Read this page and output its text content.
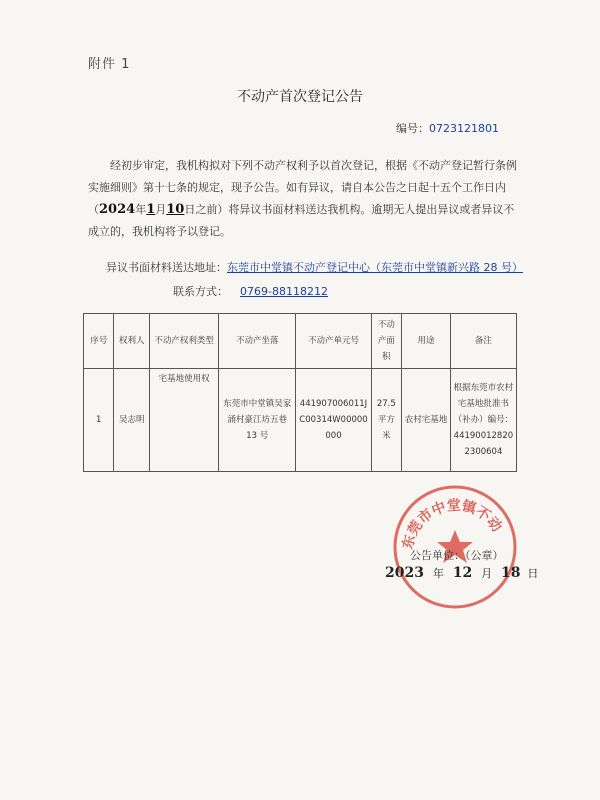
附件 1
不动产首次登记公告
编号：0723121801
经初步审定，我机构拟对下列不动产权利予以首次登记，根据《不动产登记暂行条例实施细则》第十七条的规定，现予公告。如有异议，请自本公告之日起十五个工作日内（2024年1月10日之前）将异议书面材料送达我机构。逾期无人提出异议或者异议不成立的，我机构将予以登记。
异议书面材料送达地址：东莞市中堂镇不动产登记中心（东莞市中堂镇新兴路 28 号）
联系方式： 0769-88118212
序号	权利人	不动产权利类型	不动产坐落	不动产单元号	不动产面积	用途	备注
1	吴志明	宅基地使用权	东莞市中堂镇吴家涌村豪江坊五巷 13 号	441907006011JC00314W00000000	27.5平方米	农村宅基地	根据东莞市农村宅基地批准书（补办）编号：
441900128202300604
东莞市中堂镇不动
公告单位：（公章）
2023 年 12 月 18 日
